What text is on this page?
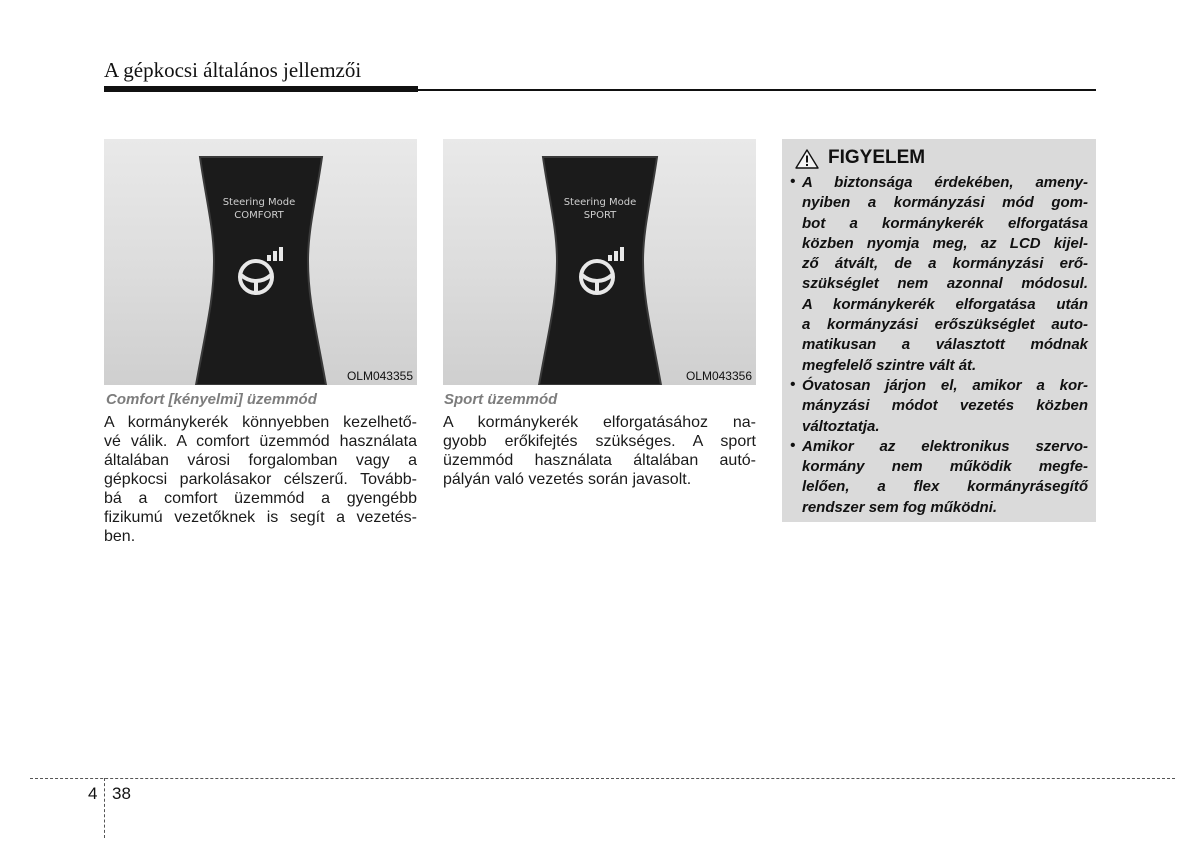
A gépkocsi általános jellemzői
Steering Mode
COMFORT
OLM043355
Comfort [kényelmi] üzemmód
A kormánykerék könnyebben kezelhető-
vé válik. A comfort üzemmód használata
általában városi forgalomban vagy a
gépkocsi parkolásakor célszerű. Tovább-
bá a comfort üzemmód a gyengébb
fizikumú vezetőknek is segít a vezetés-
ben.
Steering Mode
SPORT
OLM043356
Sport üzemmód
A kormánykerék elforgatásához na-
gyobb erőkifejtés szükséges. A sport
üzemmód használata általában autó-
pályán való vezetés során javasolt.
FIGYELEM
• A biztonsága érdekében, ameny-
nyiben a kormányzási mód gom-
bot a kormánykerék elforgatása
közben nyomja meg, az LCD kijel-
ző átvált, de a kormányzási erő-
szükséglet nem azonnal módosul.
A kormánykerék elforgatása után
a kormányzási erőszükséglet auto-
matikusan a választott módnak
megfelelő szintre vált át.
• Óvatosan járjon el, amikor a kor-
mányzási módot vezetés közben
változtatja.
• Amikor az elektronikus szervo-
kormány nem működik megfe-
lelően, a flex kormányrásegítő
rendszer sem fog működni.
4 38
